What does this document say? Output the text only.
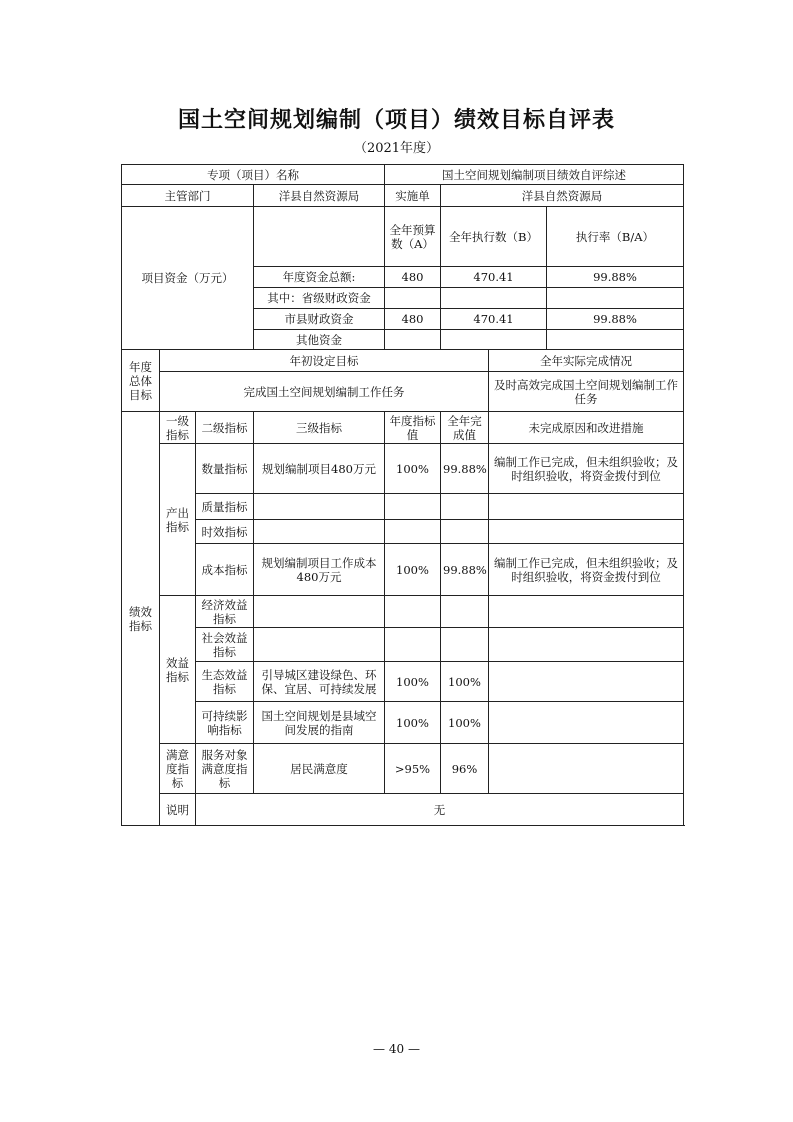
国土空间规划编制（项目）绩效目标自评表
（2021年度）
专项（项目）名称				国土空间规划编制项目绩效自评综述			
主管部门			洋县自然资源局	实施单	洋县自然资源局		
项目资金（万元）				全年预算数（A）	全年执行数（B）		执行率（B/A）
			年度资金总额:	480	470.41		99.88%
			其中：省级财政资金				
			市县财政资金	480	470.41		99.88%
			其他资金				
年度总体目标	年初设定目标					全年实际完成情况	
	完成国土空间规划编制工作任务					及时高效完成国土空间规划编制工作任务	
绩效指标	一级指标	二级指标	三级指标	年度指标值	全年完成值	未完成原因和改进措施	
	产出指标	数量指标	规划编制项目480万元	100%	99.88%	编制工作已完成，但未组织验收；及时组织验收，将资金拨付到位	
		质量指标					
		时效指标					
		成本指标	规划编制项目工作成本480万元	100%	99.88%	编制工作已完成，但未组织验收；及时组织验收，将资金拨付到位	
	效益指标	经济效益指标					
		社会效益指标					
		生态效益指标	引导城区建设绿色、环保、宜居、可持续发展	100%	100%		
		可持续影响指标	国土空间规划是县域空间发展的指南	100%	100%		
	满意度指标	服务对象满意度指标	居民满意度	>95%	96%		
	说明	无					
— 40 —
